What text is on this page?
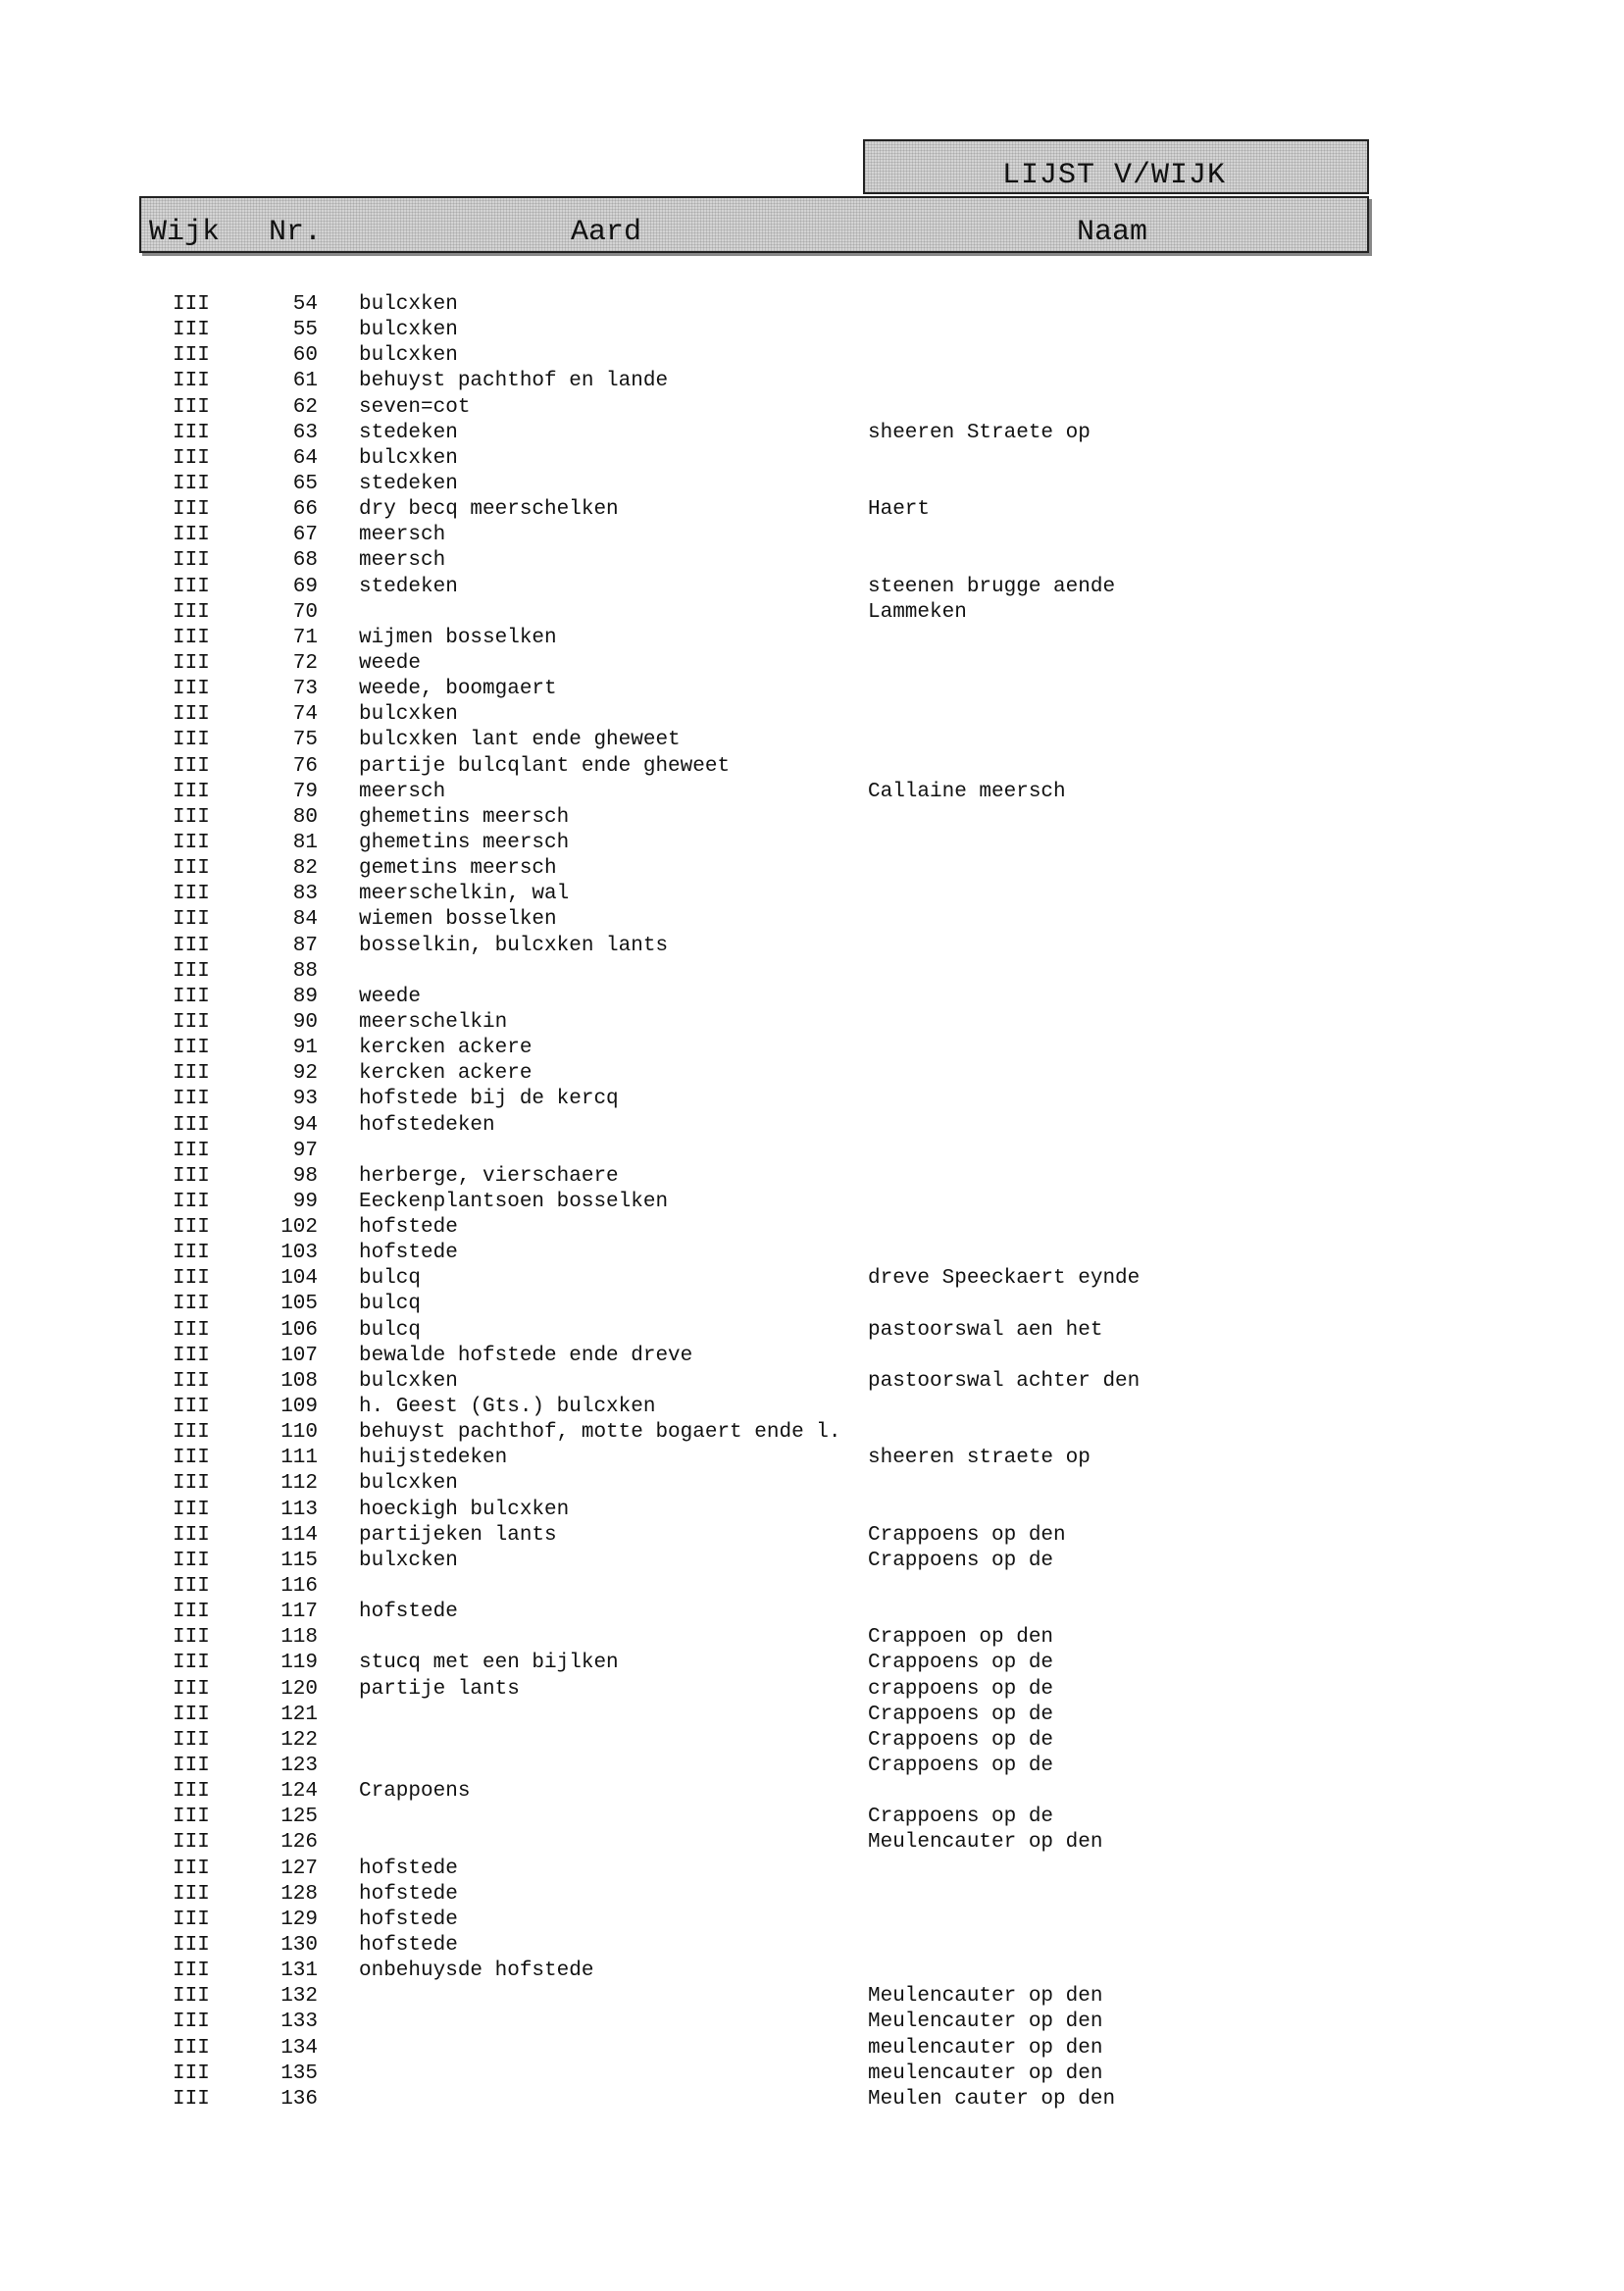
LIJST V/WIJK
Wijk Nr.	Aard	Naam
III	54 bulcxken
III	55 bulcxken
III	60 bulcxken
III	61 behuyst pachthof en lande
III	62 seven=cot
III	63 stedeken	sheeren Straete op
III	64 bulcxken
III	65 stedeken
III	66 dry becq meerschelken	Haert
III	67 meersch
III	68 meersch
III	69 stedeken	steenen brugge aende
III	70	Lammeken
III	71 wijmen bosselken
III	72 weede
III	73 weede, boomgaert
III	74 bulcxken
III	75 bulcxken lant ende gheweet
III	76 partije bulcqlant ende gheweet
III	79 meersch	Callaine meersch
III	80 ghemetins meersch
III	81 ghemetins meersch
III	82 gemetins meersch
III	83 meerschelkin, wal
III	84 wiemen bosselken
III	87 bosselkin, bulcxken lants
III	88
III	89 weede
III	90 meerschelkin
III	91 kercken ackere
III	92 kercken ackere
III	93 hofstede bij de kercq
III	94 hofstedeken
III	97
III	98 herberge, vierschaere
III	99 Eeckenplantsoen bosselken
III	102 hofstede
III	103 hofstede
III	104 bulcq	dreve Speeckaert eynde
III	105 bulcq
III	106 bulcq	pastoorswal aen het
III	107 bewalde hofstede ende dreve
III	108 bulcxken	pastoorswal achter den
III	109 h. Geest (Gts.) bulcxken
III	110 behuyst pachthof, motte bogaert ende l.
III	111 huijstedeken	sheeren straete op
III	112 bulcxken
III	113 hoeckigh bulcxken
III	114 partijeken lants	Crappoens op den
III	115 bulxcken	Crappoens op de
III	116
III	117 hofstede
III	118	Crappoen op den
III	119 stucq met een bijlken	Crappoens op de
III	120 partije lants	crappoens op de
III	121	Crappoens op de
III	122	Crappoens op de
III	123	Crappoens op de
III	124 Crappoens
III	125	Crappoens op de
III	126	Meulencauter op den
III	127 hofstede
III	128 hofstede
III	129 hofstede
III	130 hofstede
III	131 onbehuysde hofstede
III	132	Meulencauter op den
III	133	Meulencauter op den
III	134	meulencauter op den
III	135	meulencauter op den
III	136	Meulen cauter op den
